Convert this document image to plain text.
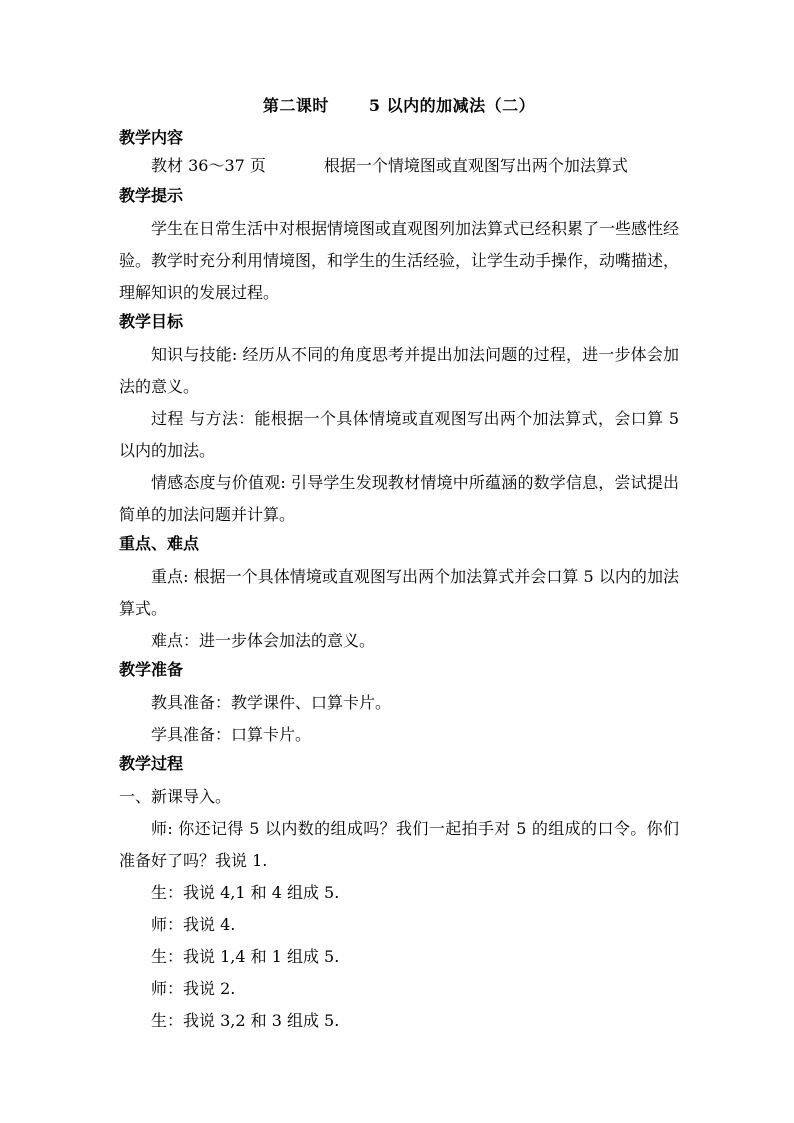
第二课时	5 以内的加减法（二）
教学内容
教材 36～37 页	根据一个情境图或直观图写出两个加法算式
教学提示
学生在日常生活中对根据情境图或直观图列加法算式已经积累了一些感性经验。教学时充分利用情境图，和学生的生活经验，让学生动手操作，动嘴描述，理解知识的发展过程。
教学目标
知识与技能: 经历从不同的角度思考并提出加法问题的过程，进一步体会加法的意义。
过程 与方法：能根据一个具体情境或直观图写出两个加法算式，会口算 5 以内的加法。
情感态度与价值观: 引导学生发现教材情境中所蕴涵的数学信息，尝试提出简单的加法问题并计算。
重点、难点
重点: 根据一个具体情境或直观图写出两个加法算式并会口算 5 以内的加法算式。
难点：进一步体会加法的意义。
教学准备
教具准备：教学课件、口算卡片。
学具准备：口算卡片。
教学过程
一、新课导入。
师: 你还记得 5 以内数的组成吗？我们一起拍手对 5 的组成的口令。你们准备好了吗？我说 1.
生：我说 4,1 和 4 组成 5.
师：我说 4.
生：我说 1,4 和 1 组成 5.
师：我说 2.
生：我说 3,2 和 3 组成 5.
